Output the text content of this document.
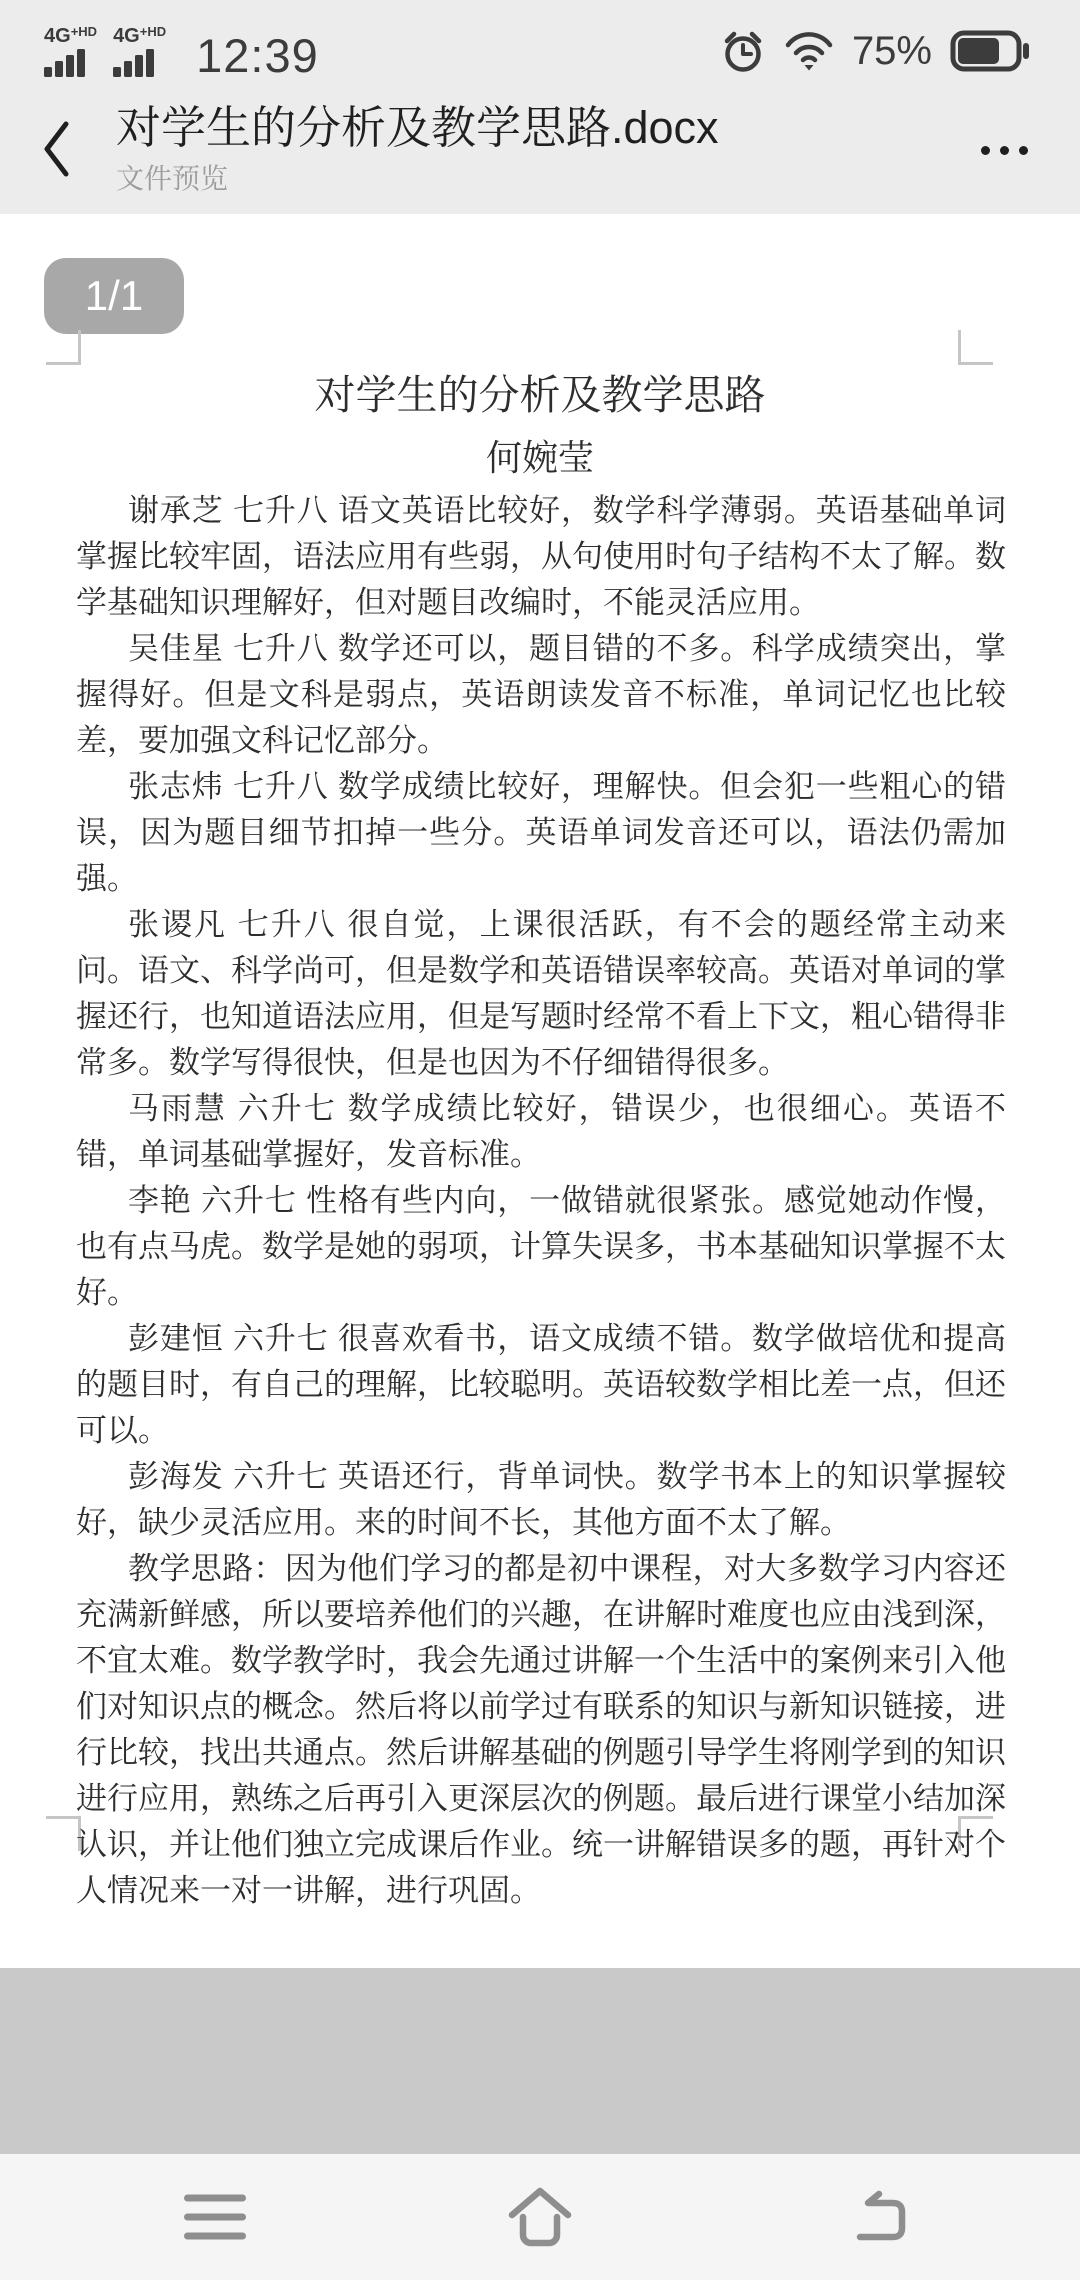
$4G^{+HD}$ $4G^{+HD}$ 12:39	75%
对学生的分析及教学思路.docx
文件预览
1/1
对学生的分析及教学思路
何婉莹

谢承芝 七升八 语文英语比较好，数学科学薄弱。英语基础单词掌握比较牢固，语法应用有些弱，从句使用时句子结构不太了解。数学基础知识理解好，但对题目改编时，不能灵活应用。

吴佳星 七升八 数学还可以，题目错的不多。科学成绩突出，掌握得好。但是文科是弱点，英语朗读发音不标准，单词记忆也比较差，要加强文科记忆部分。

张志炜 七升八 数学成绩比较好，理解快。但会犯一些粗心的错误，因为题目细节扣掉一些分。英语单词发音还可以，语法仍需加强。

张谡凡 七升八 很自觉，上课很活跃，有不会的题经常主动来问。语文、科学尚可，但是数学和英语错误率较高。英语对单词的掌握还行，也知道语法应用，但是写题时经常不看上下文，粗心错得非常多。数学写得很快，但是也因为不仔细错得很多。

马雨慧 六升七 数学成绩比较好，错误少，也很细心。英语不错，单词基础掌握好，发音标准。

李艳 六升七 性格有些内向，一做错就很紧张。感觉她动作慢，也有点马虎。数学是她的弱项，计算失误多，书本基础知识掌握不太好。

彭建恒 六升七 很喜欢看书，语文成绩不错。数学做培优和提高的题目时，有自己的理解，比较聪明。英语较数学相比差一点，但还可以。

彭海发 六升七 英语还行，背单词快。数学书本上的知识掌握较好，缺少灵活应用。来的时间不长，其他方面不太了解。

教学思路：因为他们学习的都是初中课程，对大多数学习内容还充满新鲜感，所以要培养他们的兴趣，在讲解时难度也应由浅到深，不宜太难。数学教学时，我会先通过讲解一个生活中的案例来引入他们对知识点的概念。然后将以前学过有联系的知识与新知识链接，进行比较，找出共通点。然后讲解基础的例题引导学生将刚学到的知识进行应用，熟练之后再引入更深层次的例题。最后进行课堂小结加深认识，并让他们独立完成课后作业。统一讲解错误多的题，再针对个人情况来一对一讲解，进行巩固。
